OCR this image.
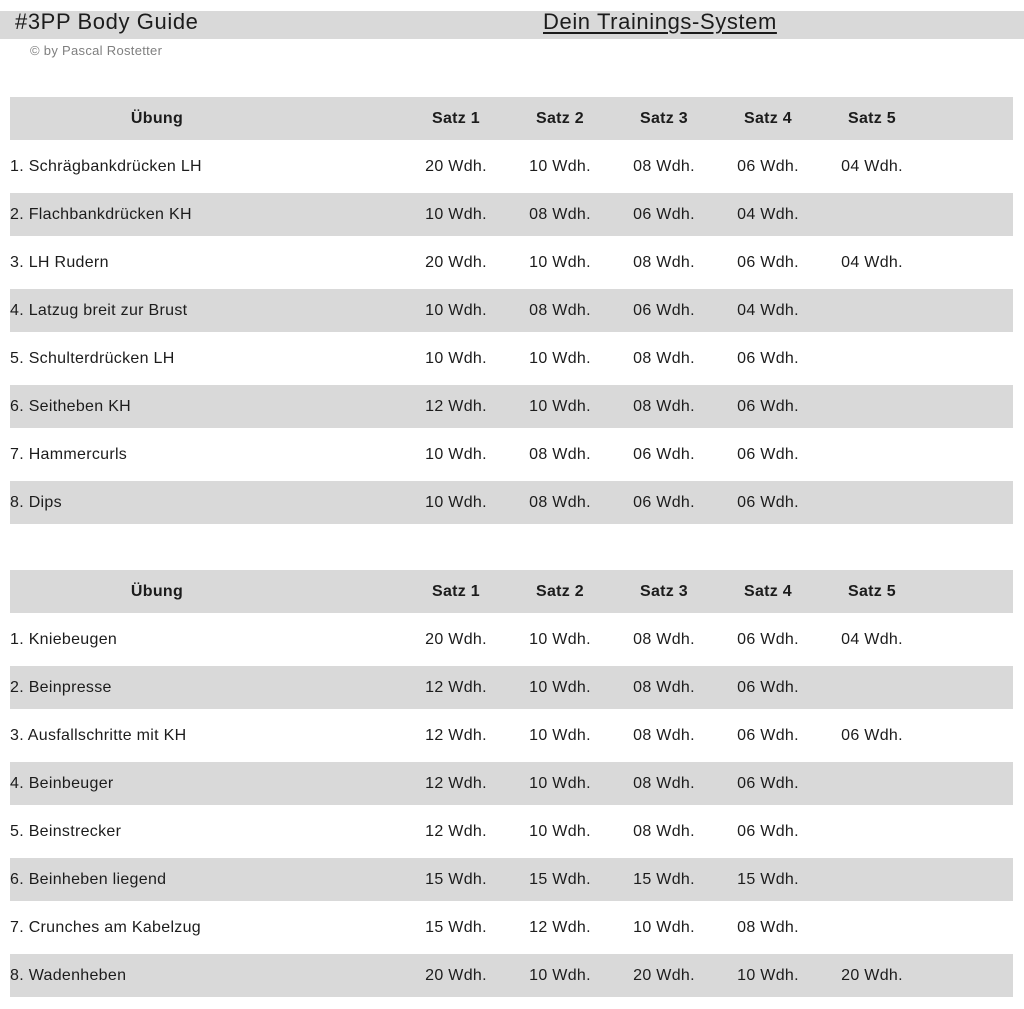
#3PP Body Guide	Dein Trainings-System
© by Pascal Rostetter
Übung		Satz 1	Satz 2	Satz 3	Satz 4	Satz 5	
1. Schrägbankdrücken LH		20 Wdh.	10 Wdh.	08 Wdh.	06 Wdh.	04 Wdh.	
2. Flachbankdrücken KH		10 Wdh.	08 Wdh.	06 Wdh.	04 Wdh.		
3. LH Rudern		20 Wdh.	10 Wdh.	08 Wdh.	06 Wdh.	04 Wdh.	
4. Latzug breit zur Brust		10 Wdh.	08 Wdh.	06 Wdh.	04 Wdh.		
5. Schulterdrücken LH		10 Wdh.	10 Wdh.	08 Wdh.	06 Wdh.		
6. Seitheben KH		12 Wdh.	10 Wdh.	08 Wdh.	06 Wdh.		
7. Hammercurls		10 Wdh.	08 Wdh.	06 Wdh.	06 Wdh.		
8. Dips		10 Wdh.	08 Wdh.	06 Wdh.	06 Wdh.		
Übung		Satz 1	Satz 2	Satz 3	Satz 4	Satz 5	
1. Kniebeugen		20 Wdh.	10 Wdh.	08 Wdh.	06 Wdh.	04 Wdh.	
2. Beinpresse		12 Wdh.	10 Wdh.	08 Wdh.	06 Wdh.		
3. Ausfallschritte mit KH		12 Wdh.	10 Wdh.	08 Wdh.	06 Wdh.	06 Wdh.	
4. Beinbeuger		12 Wdh.	10 Wdh.	08 Wdh.	06 Wdh.		
5. Beinstrecker		12 Wdh.	10 Wdh.	08 Wdh.	06 Wdh.		
6. Beinheben liegend		15 Wdh.	15 Wdh.	15 Wdh.	15 Wdh.		
7. Crunches am Kabelzug		15 Wdh.	12 Wdh.	10 Wdh.	08 Wdh.		
8. Wadenheben		20 Wdh.	10 Wdh.	20 Wdh.	10 Wdh.	20 Wdh.	
